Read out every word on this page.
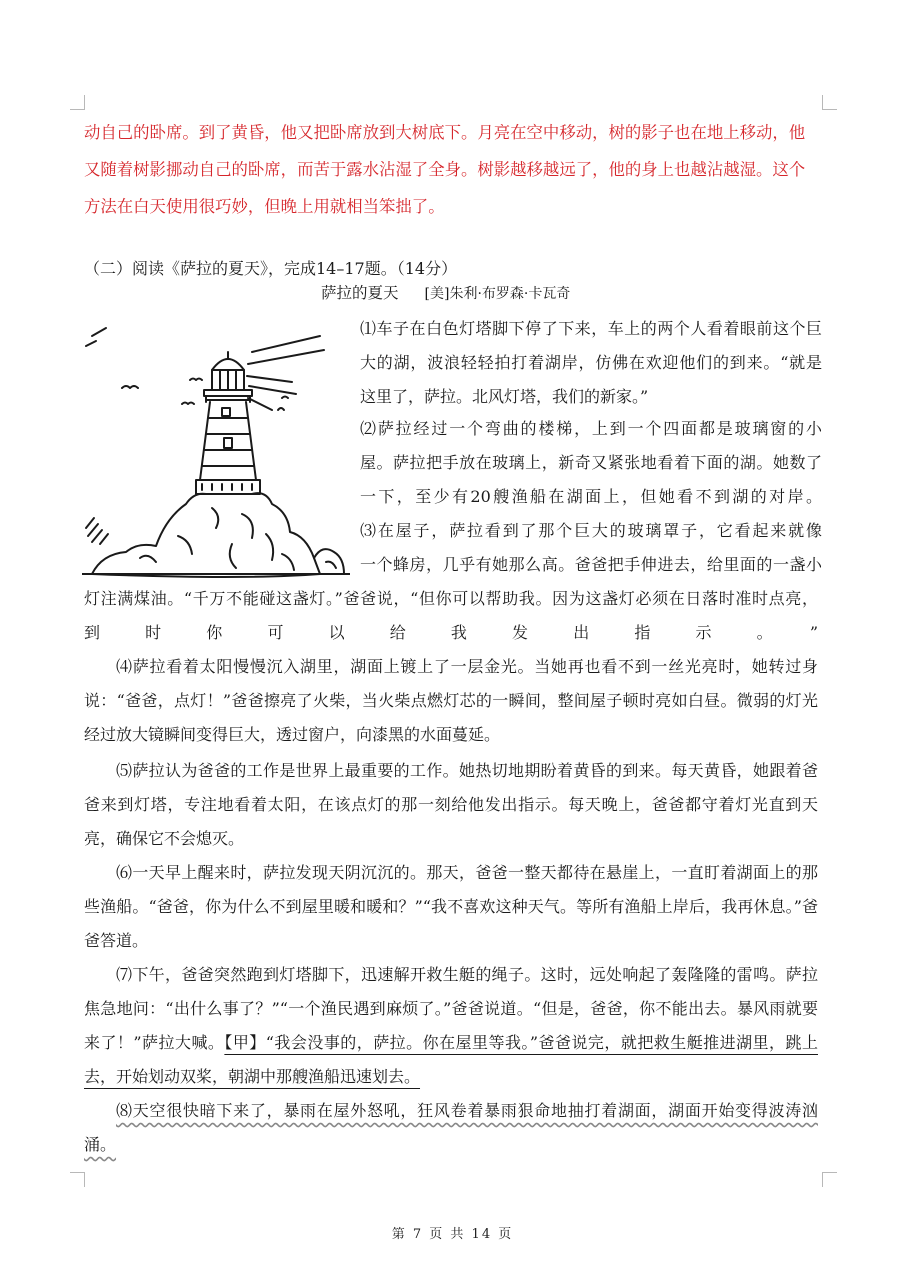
动自己的卧席。到了黄昏，他又把卧席放到大树底下。月亮在空中移动，树的影子也在地上移动，他又随着树影挪动自己的卧席，而苦于露水沾湿了全身。树影越移越远了，他的身上也越沾越湿。这个方法在白天使用很巧妙，但晚上用就相当笨拙了。

（二）阅读《萨拉的夏天》，完成14–17题。（14分）

萨拉的夏天 [美]朱利·布罗森·卡瓦奇

⑴车子在白色灯塔脚下停了下来，车上的两个人看着眼前这个巨
大的湖，波浪轻轻拍打着湖岸，仿佛在欢迎他们的到来。“就是
这里了，萨拉。北风灯塔，我们的新家。”

⑵萨拉经过一个弯曲的楼梯，上到一个四面都是玻璃窗的小
屋。萨拉把手放在玻璃上，新奇又紧张地看着下面的湖。她数了
一下，至少有20艘渔船在湖面上，但她看不到湖的对岸。

⑶在屋子，萨拉看到了那个巨大的玻璃罩子，它看起来就像
一个蜂房，几乎有她那么高。爸爸把手伸进去，给里面的一盏小

灯注满煤油。“千万不能碰这盏灯。”爸爸说，“但你可以帮助我。因为这盏灯必须在日落时准时点亮，
到时你可以给我发出指示。”

⑷萨拉看着太阳慢慢沉入湖里，湖面上镀上了一层金光。当她再也看不到一丝光亮时，她转过身说：“爸爸，点灯！”爸爸擦亮了火柴，当火柴点燃灯芯的一瞬间，整间屋子顿时亮如白昼。微弱的灯光经过放大镜瞬间变得巨大，透过窗户，向漆黑的水面蔓延。

⑸萨拉认为爸爸的工作是世界上最重要的工作。她热切地期盼着黄昏的到来。每天黄昏，她跟着爸爸来到灯塔，专注地看着太阳，在该点灯的那一刻给他发出指示。每天晚上，爸爸都守着灯光直到天亮，确保它不会熄灭。

⑹一天早上醒来时，萨拉发现天阴沉沉的。那天，爸爸一整天都待在悬崖上，一直盯着湖面上的那些渔船。“爸爸，你为什么不到屋里暖和暖和？”“我不喜欢这种天气。等所有渔船上岸后，我再休息。”爸爸答道。

⑺下午，爸爸突然跑到灯塔脚下，迅速解开救生艇的绳子。这时，远处响起了轰隆隆的雷鸣。萨拉焦急地问：“出什么事了？”“一个渔民遇到麻烦了。”爸爸说道。“但是，爸爸，你不能出去。暴风雨就要来了！”萨拉大喊。【甲】“我会没事的，萨拉。你在屋里等我。”爸爸说完，就把救生艇推进湖里，跳上去，开始划动双桨，朝湖中那艘渔船迅速划去。

⑻天空很快暗下来了，暴雨在屋外怒吼，狂风卷着暴雨狠命地抽打着湖面，湖面开始变得波涛汹涌。

第 7 页 共 14 页
